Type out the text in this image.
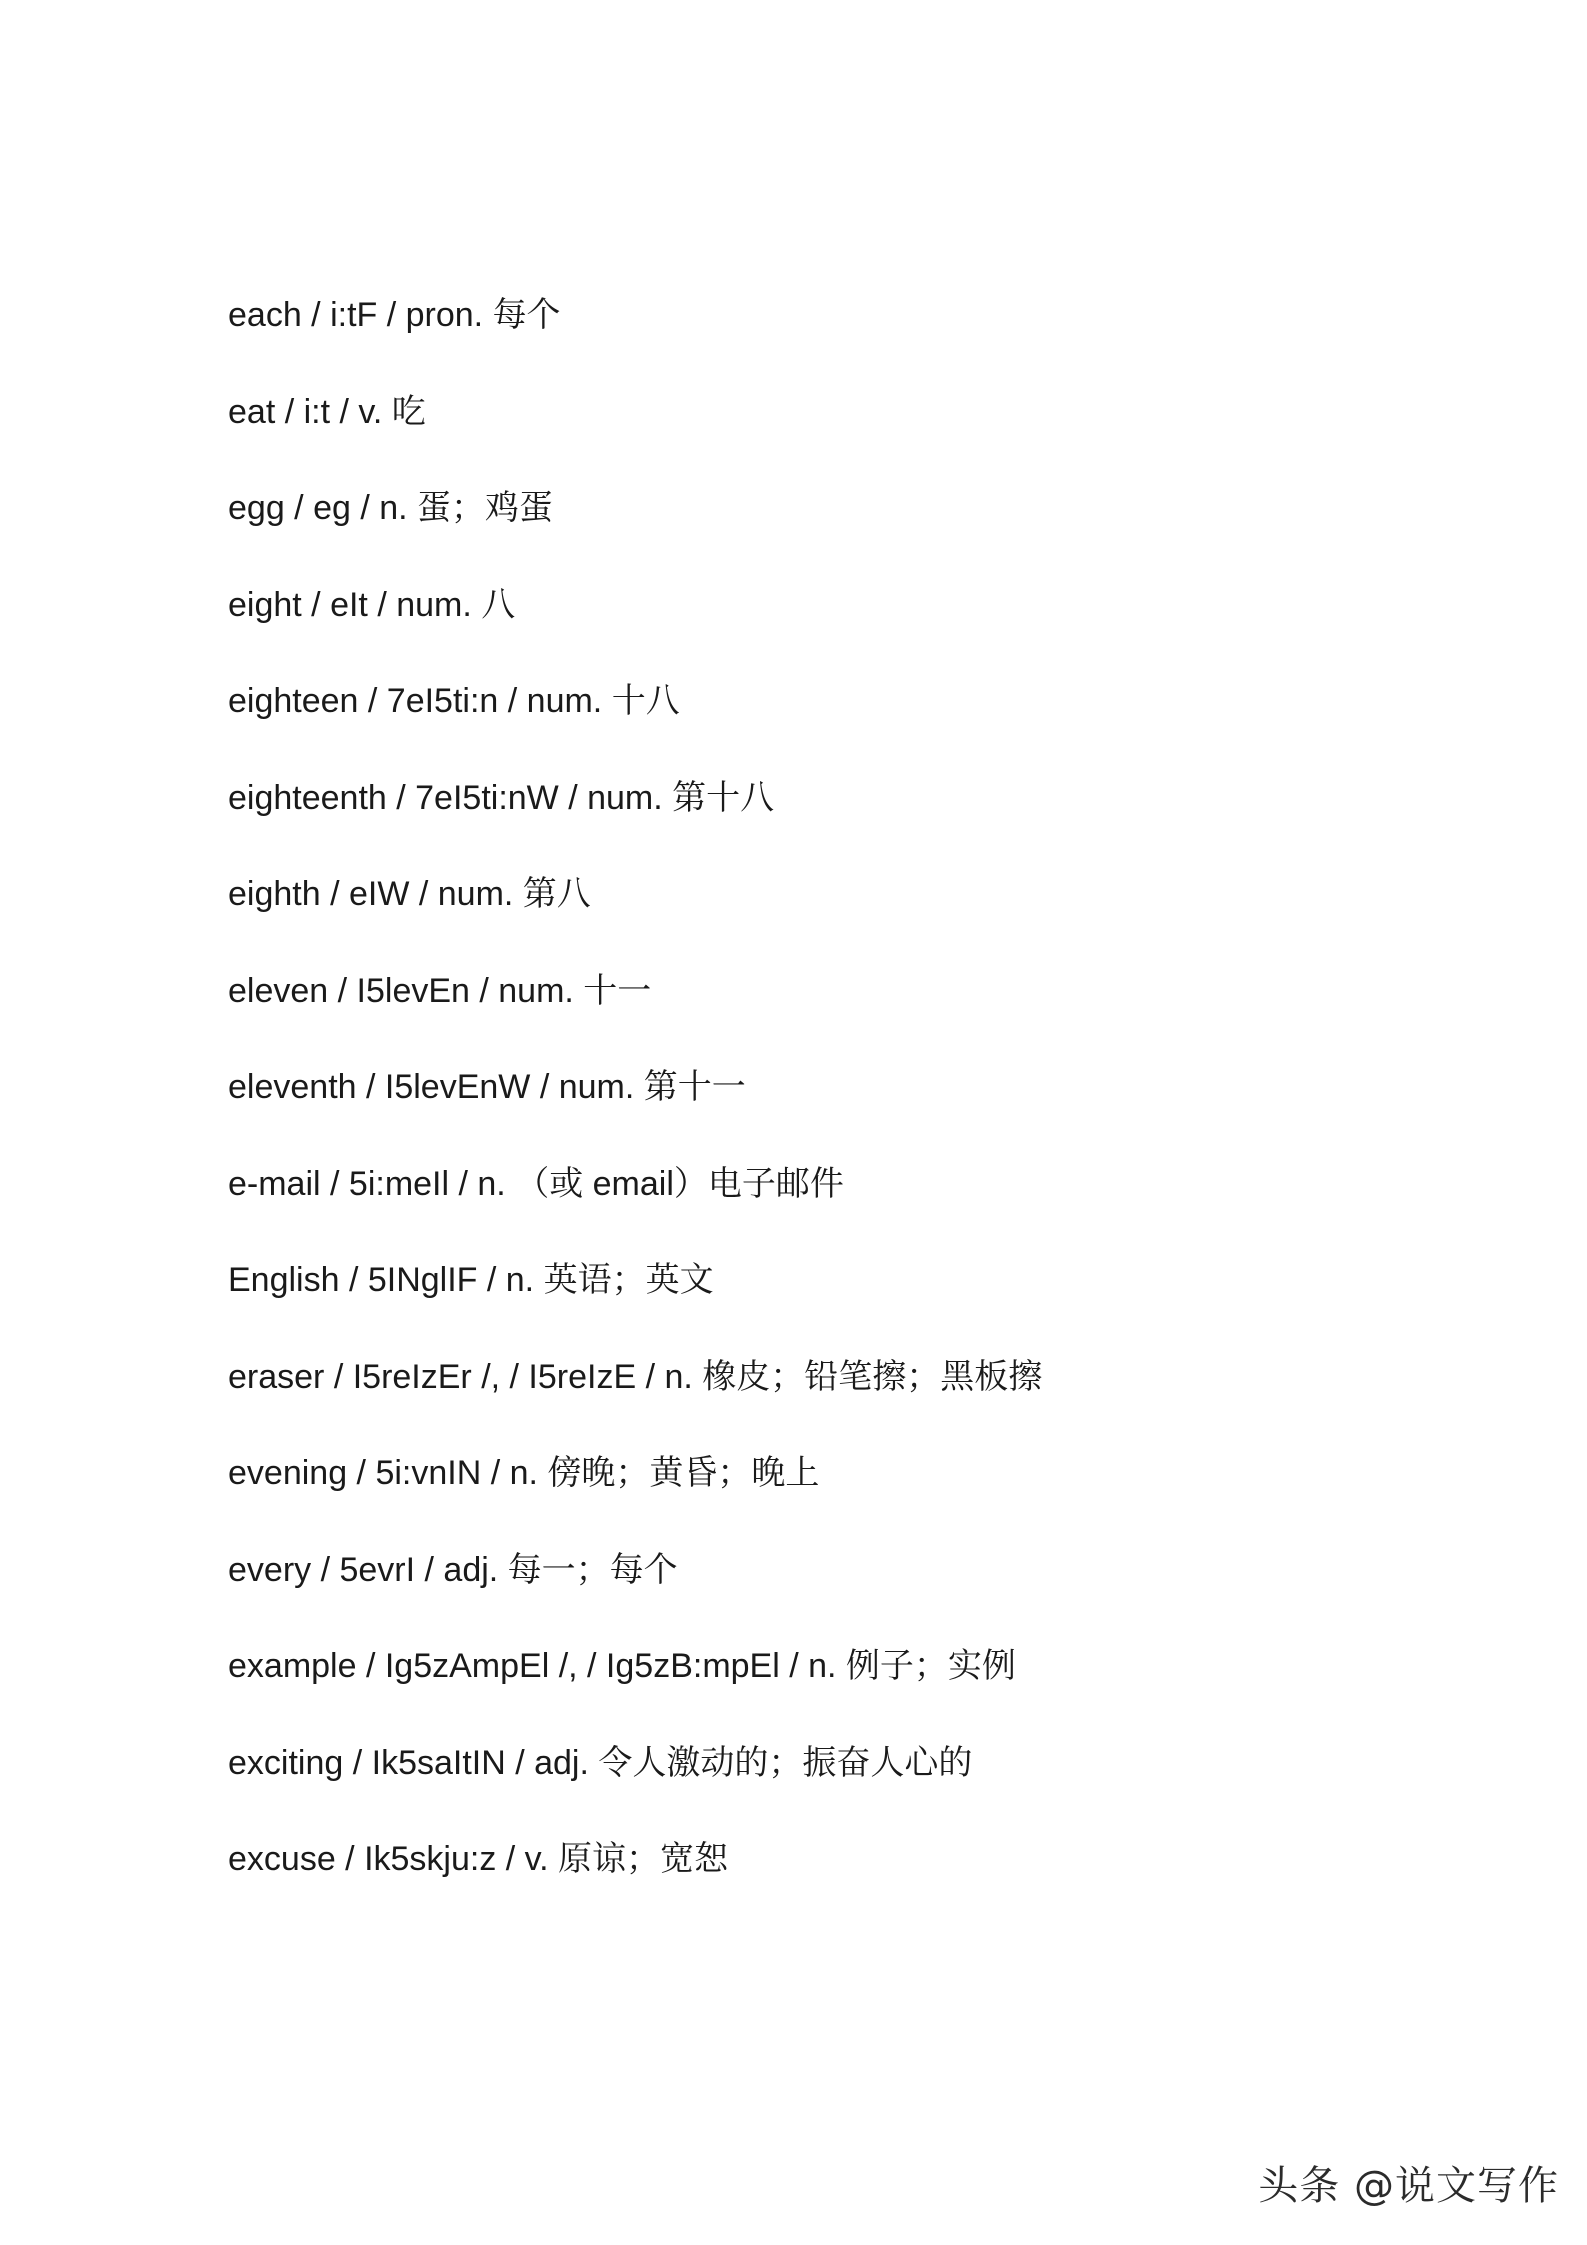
each / i:tF / pron. 每个
eat / i:t / v. 吃
egg / eg / n. 蛋；鸡蛋
eight / eIt / num. 八
eighteen / 7eI5ti:n / num. 十八
eighteenth / 7eI5ti:nW / num. 第十八
eighth / eIW / num. 第八
eleven / I5levEn / num. 十一
eleventh / I5levEnW / num. 第十一
e-mail / 5i:meIl / n. （或 email）电子邮件
English / 5INglIF / n. 英语；英文
eraser / I5reIzEr /, / I5reIzE / n. 橡皮；铅笔擦；黑板擦
evening / 5i:vnIN / n. 傍晚；黄昏；晚上
every / 5evrI / adj. 每一；每个
example / Ig5zAmpEl /, / Ig5zB:mpEl / n. 例子；实例
exciting / Ik5saItIN / adj. 令人激动的；振奋人心的
excuse / Ik5skju:z / v. 原谅；宽恕
头条 @说文写作
